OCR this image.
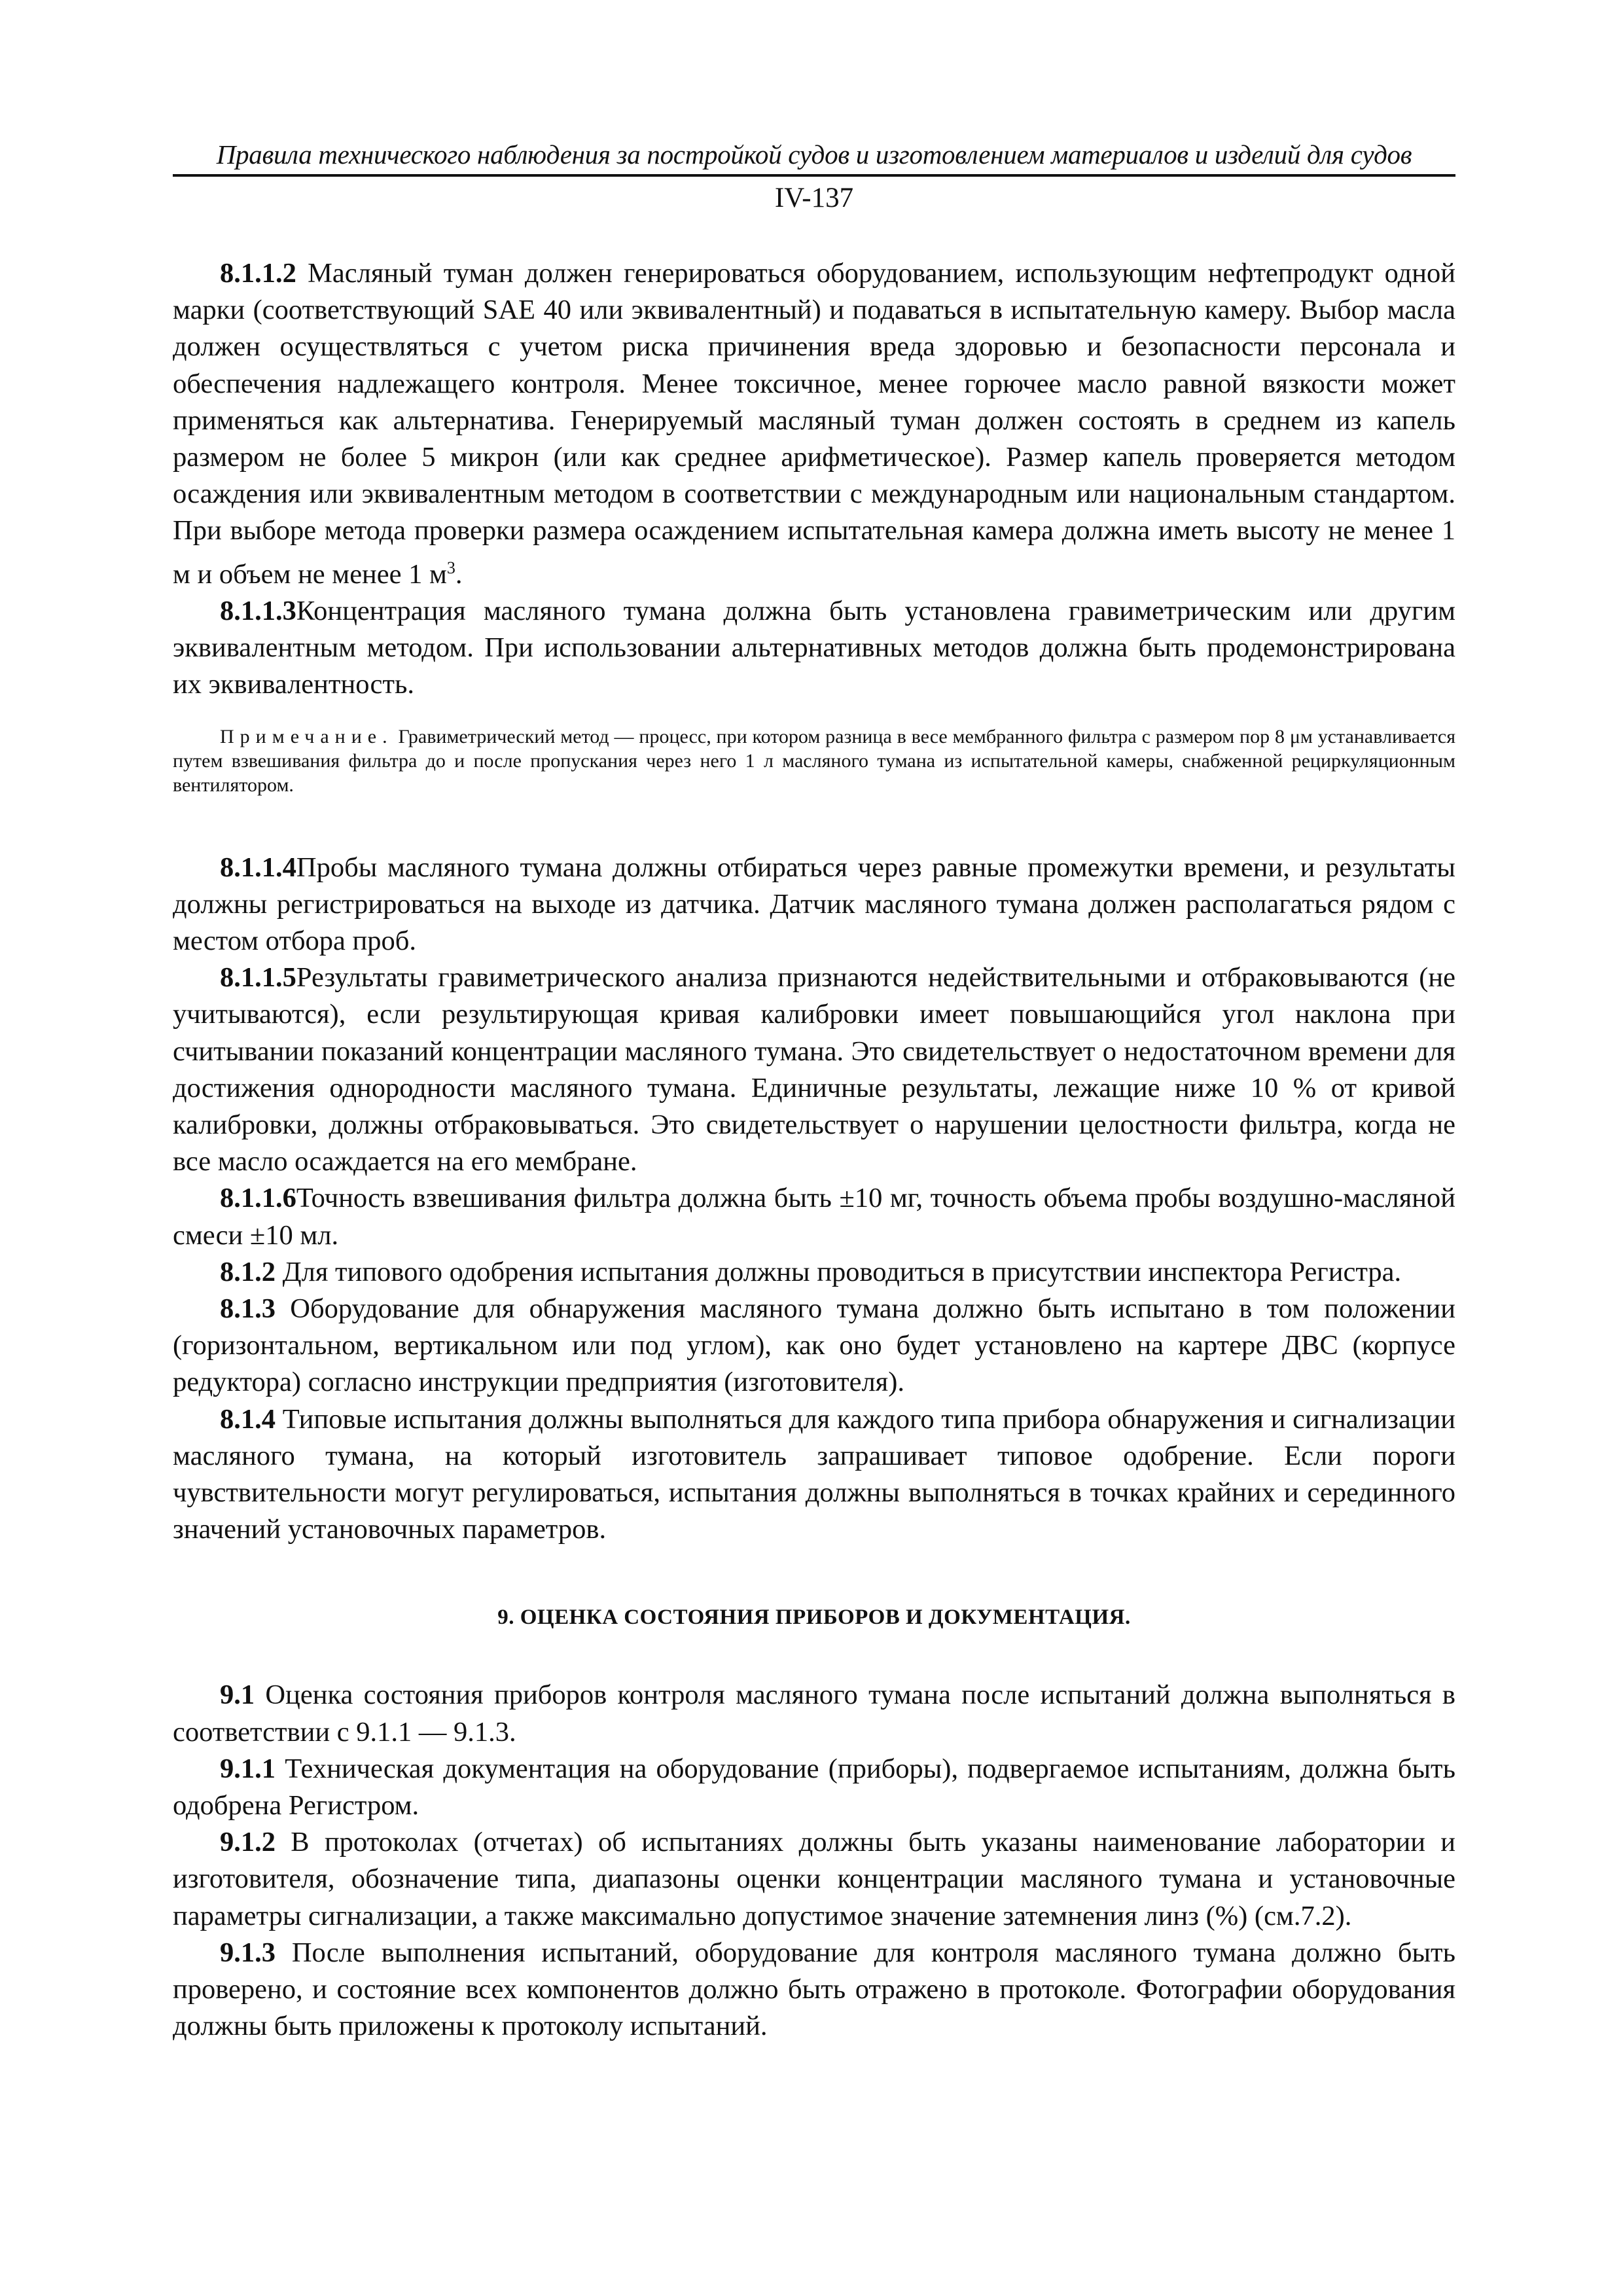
Правила технического наблюдения за постройкой судов и изготовлением материалов и изделий для судов
IV-137

8.1.1.2 Масляный туман должен генерироваться оборудованием, использующим нефтепродукт одной марки (соответствующий SAE 40 или эквивалентный) и подаваться в испытательную камеру. Выбор масла должен осуществляться с учетом риска причинения вреда здоровью и безопасности персонала и обеспечения надлежащего контроля. Менее токсичное, менее горючее масло равной вязкости может применяться как альтернатива. Генерируемый масляный туман должен состоять в среднем из капель размером не более 5 микрон (или как среднее арифметическое). Размер капель проверяется методом осаждения или эквивалентным методом в соответствии с международным или национальным стандартом. При выборе метода проверки размера осаждением испытательная камера должна иметь высоту не менее 1 м и объем не менее 1 $м^3$.

8.1.1.3Концентрация масляного тумана должна быть установлена гравиметрическим или другим эквивалентным методом. При использовании альтернативных методов должна быть продемонстрирована их эквивалентность.

Примечание. Гравиметрический метод — процесс, при котором разница в весе мембранного фильтра с размером пор 8 μм устанавливается путем взвешивания фильтра до и после пропускания через него 1 л масляного тумана из испытательной камеры, снабженной рециркуляционным вентилятором.

8.1.1.4Пробы масляного тумана должны отбираться через равные промежутки времени, и результаты должны регистрироваться на выходе из датчика. Датчик масляного тумана должен располагаться рядом с местом отбора проб.

8.1.1.5Результаты гравиметрического анализа признаются недействительными и отбраковываются (не учитываются), если результирующая кривая калибровки имеет повышающийся угол наклона при считывании показаний концентрации масляного тумана. Это свидетельствует о недостаточном времени для достижения однородности масляного тумана. Единичные результаты, лежащие ниже 10 % от кривой калибровки, должны отбраковываться. Это свидетельствует о нарушении целостности фильтра, когда не все масло осаждается на его мембране.

8.1.1.6Точность взвешивания фильтра должна быть ±10 мг, точность объема пробы воздушно-масляной смеси ±10 мл.

8.1.2 Для типового одобрения испытания должны проводиться в присутствии инспектора Регистра.

8.1.3 Оборудование для обнаружения масляного тумана должно быть испытано в том положении (горизонтальном, вертикальном или под углом), как оно будет установлено на картере ДВС (корпусе редуктора) согласно инструкции предприятия (изготовителя).

8.1.4 Типовые испытания должны выполняться для каждого типа прибора обнаружения и сигнализации масляного тумана, на который изготовитель запрашивает типовое одобрение. Если пороги чувствительности могут регулироваться, испытания должны выполняться в точках крайних и серединного значений установочных параметров.

9. ОЦЕНКА СОСТОЯНИЯ ПРИБОРОВ И ДОКУМЕНТАЦИЯ.

9.1 Оценка состояния приборов контроля масляного тумана после испытаний должна выполняться в соответствии с 9.1.1 — 9.1.3.

9.1.1 Техническая документация на оборудование (приборы), подвергаемое испытаниям, должна быть одобрена Регистром.

9.1.2 В протоколах (отчетах) об испытаниях должны быть указаны наименование лаборатории и изготовителя, обозначение типа, диапазоны оценки концентрации масляного тумана и установочные параметры сигнализации, а также максимально допустимое значение затемнения линз (%) (см.7.2).

9.1.3 После выполнения испытаний, оборудование для контроля масляного тумана должно быть проверено, и состояние всех компонентов должно быть отражено в протоколе. Фотографии оборудования должны быть приложены к протоколу испытаний.
